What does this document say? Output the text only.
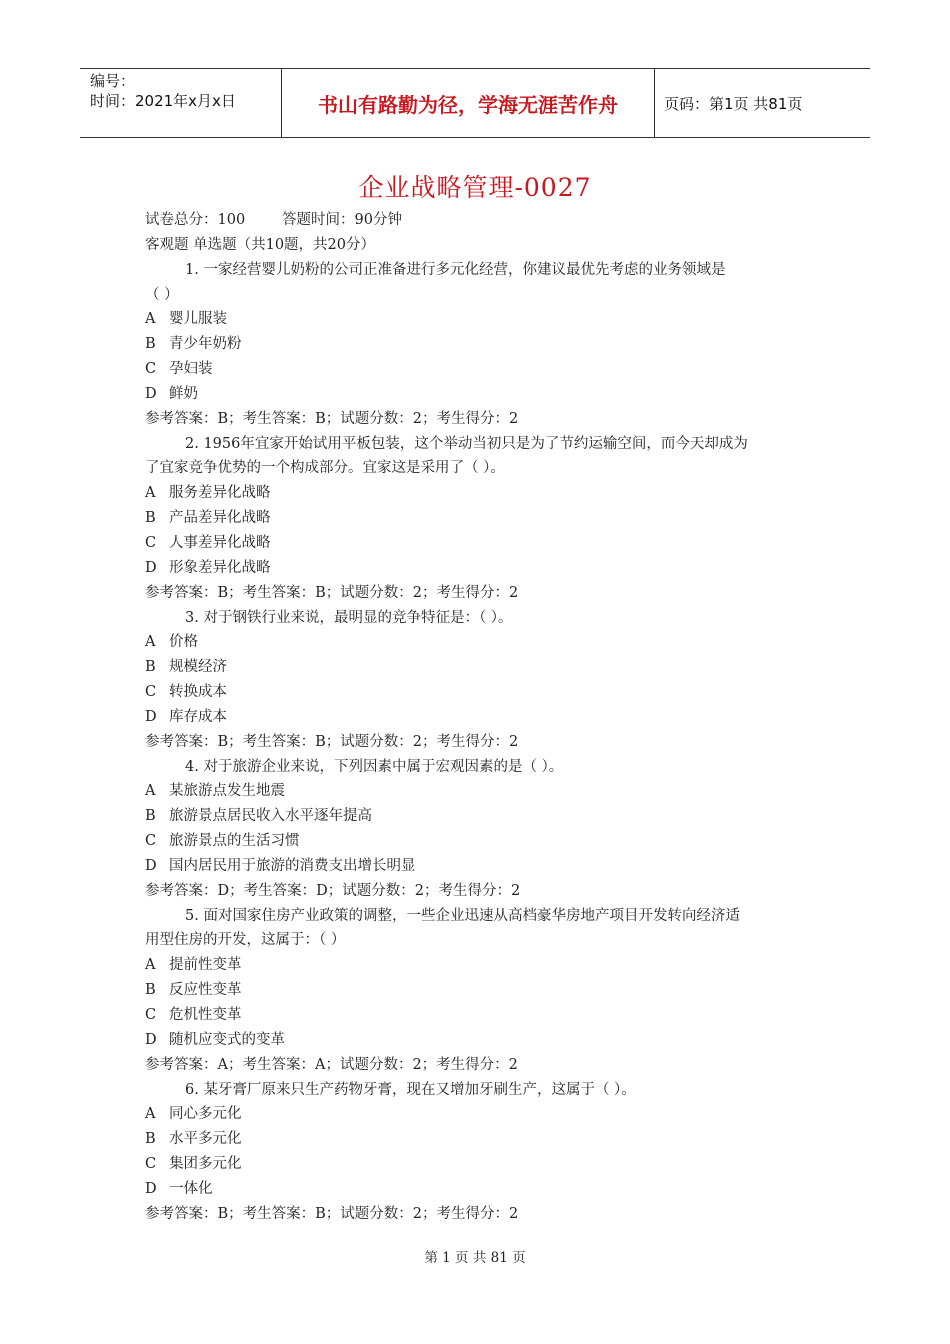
编号：
时间：2021年x月x日	书山有路勤为径，学海无涯苦作舟	页码：第1页 共81页
企业战略管理-0027
试卷总分：100        答题时间：90分钟
客观题 单选题（共10题，共20分）
1. 一家经营婴儿奶粉的公司正准备进行多元化经营，你建议最优先考虑的业务领域是
（ ）
A 婴儿服装
B 青少年奶粉
C 孕妇装
D 鲜奶
参考答案：B；考生答案：B；试题分数：2；考生得分：2
2. 1956年宜家开始试用平板包装，这个举动当初只是为了节约运输空间，而今天却成为
了宜家竞争优势的一个构成部分。宜家这是采用了（ ）。
A 服务差异化战略
B 产品差异化战略
C 人事差异化战略
D 形象差异化战略
参考答案：B；考生答案：B；试题分数：2；考生得分：2
3. 对于钢铁行业来说，最明显的竞争特征是：（ ）。
A 价格
B 规模经济
C 转换成本
D 库存成本
参考答案：B；考生答案：B；试题分数：2；考生得分：2
4. 对于旅游企业来说，下列因素中属于宏观因素的是（ ）。
A 某旅游点发生地震
B 旅游景点居民收入水平逐年提高
C 旅游景点的生活习惯
D 国内居民用于旅游的消费支出增长明显
参考答案：D；考生答案：D；试题分数：2；考生得分：2
5. 面对国家住房产业政策的调整，一些企业迅速从高档豪华房地产项目开发转向经济适
用型住房的开发，这属于：（ ）
A 提前性变革
B 反应性变革
C 危机性变革
D 随机应变式的变革
参考答案：A；考生答案：A；试题分数：2；考生得分：2
6. 某牙膏厂原来只生产药物牙膏，现在又增加牙刷生产，这属于（ ）。
A 同心多元化
B 水平多元化
C 集团多元化
D 一体化
参考答案：B；考生答案：B；试题分数：2；考生得分：2
第 1 页 共 81 页
